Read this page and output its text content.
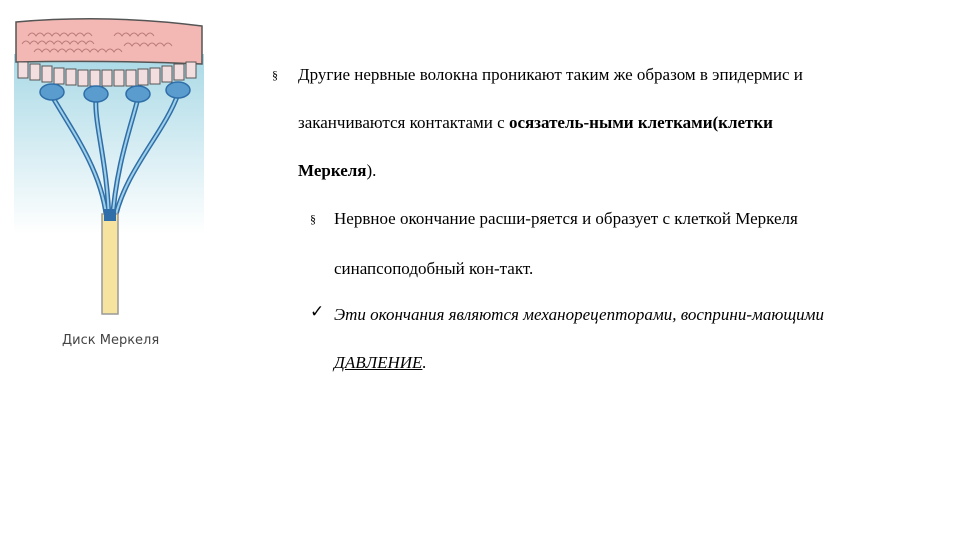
Диск Меркеля
§ Другие нервные волокна проникают таким же образом в эпидермис и
заканчиваются контактами с осязатель-ными клетками(клетки
Меркеля).
§ Нервное окончание расши-ряется и образует с клеткой Меркеля
синапсоподобный кон-такт.
✓ Эти окончания являются механорецепторами, восприни-мающими
ДАВЛЕНИЕ.
